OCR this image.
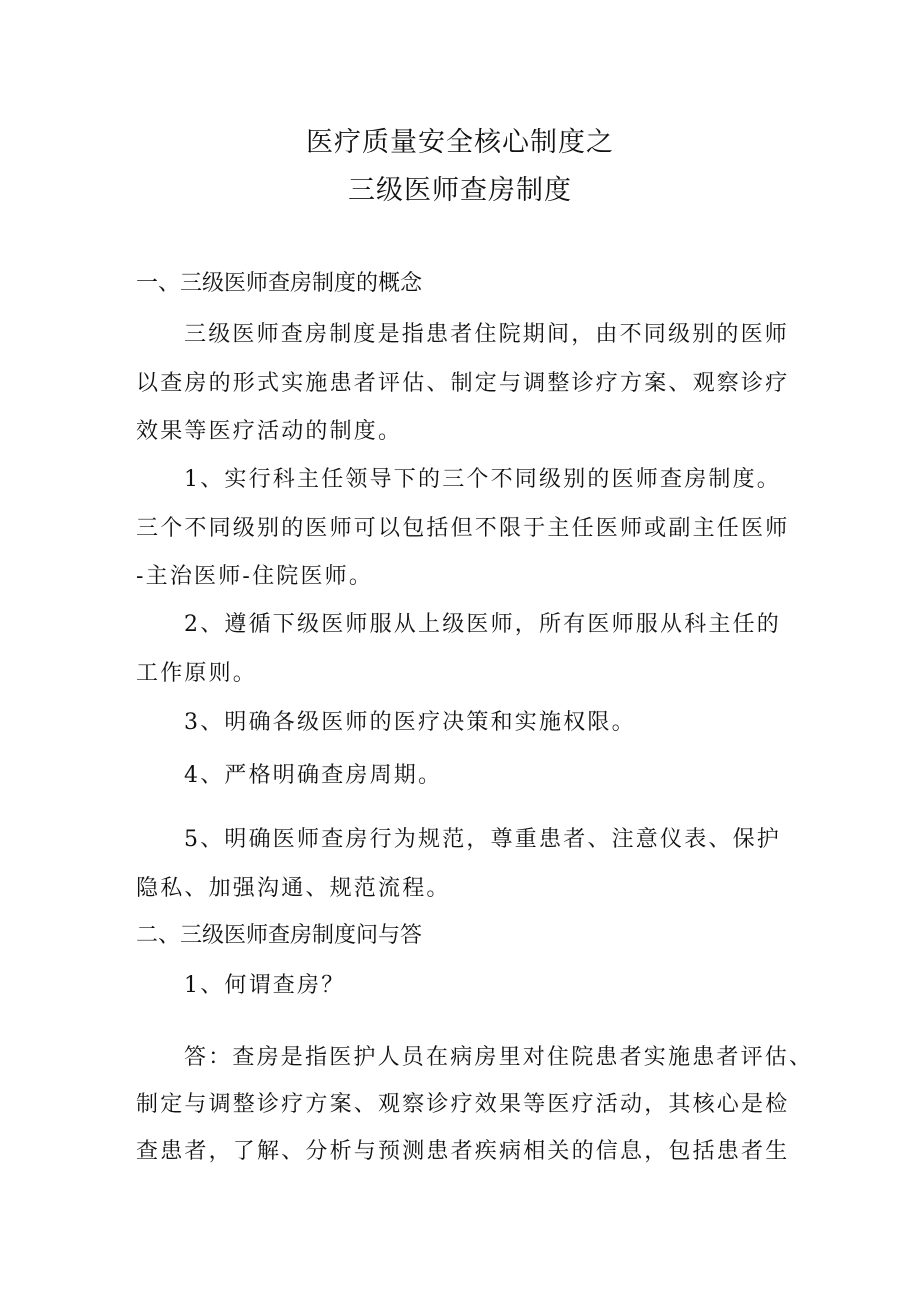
医疗质量安全核心制度之
三级医师查房制度
一、三级医师查房制度的概念

三级医师查房制度是指患者住院期间，由不同级别的医师

以查房的形式实施患者评估、制定与调整诊疗方案、观察诊疗

效果等医疗活动的制度。

1、实行科主任领导下的三个不同级别的医师查房制度。

三个不同级别的医师可以包括但不限于主任医师或副主任医师

-主治医师-住院医师。

2、遵循下级医师服从上级医师，所有医师服从科主任的

工作原则。

3、明确各级医师的医疗决策和实施权限。

4、严格明确查房周期。

5、明确医师查房行为规范，尊重患者、注意仪表、保护

隐私、加强沟通、规范流程。

二、三级医师查房制度问与答

1、何谓查房？

答：查房是指医护人员在病房里对住院患者实施患者评估、

制定与调整诊疗方案、观察诊疗效果等医疗活动，其核心是检

查患者，了解、分析与预测患者疾病相关的信息，包括患者生
